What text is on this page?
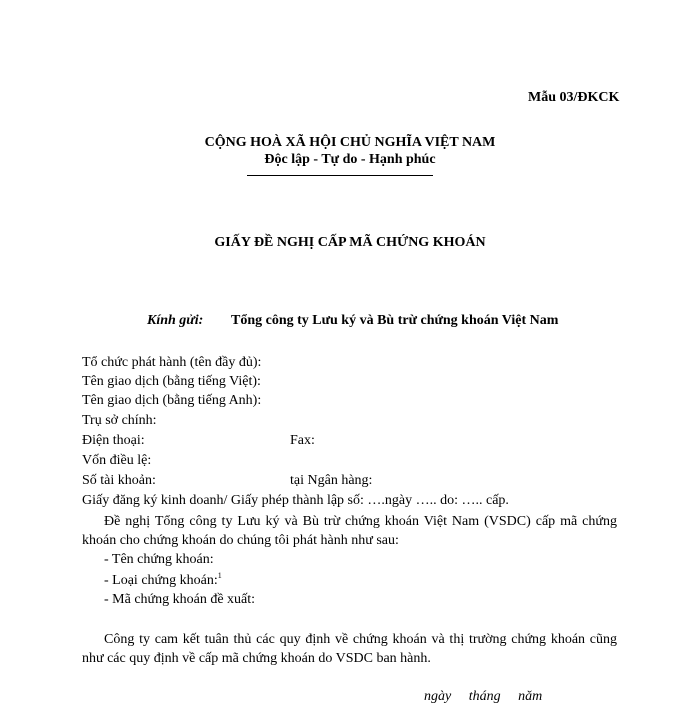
Mẫu 03/ĐKCK
CỘNG HOÀ XÃ HỘI CHỦ NGHĨA VIỆT NAM
Độc lập - Tự do - Hạnh phúc
GIẤY ĐỀ NGHỊ CẤP MÃ CHỨNG KHOÁN
Kính gửi: Tổng công ty Lưu ký và Bù trừ chứng khoán Việt Nam
Tổ chức phát hành (tên đầy đủ):
Tên giao dịch (bằng tiếng Việt):
Tên giao dịch (bằng tiếng Anh):
Trụ sở chính:
Điện thoại:	Fax:
Vốn điều lệ:
Số tài khoản:	tại Ngân hàng:
Giấy đăng ký kinh doanh/ Giấy phép thành lập số: ….ngày ….. do: ….. cấp.

Đề nghị Tổng công ty Lưu ký và Bù trừ chứng khoán Việt Nam (VSDC) cấp mã chứng khoán cho chứng khoán do chúng tôi phát hành như sau:

- Tên chứng khoán:
- Loại chứng khoán:$^1$
- Mã chứng khoán đề xuất:

Công ty cam kết tuân thủ các quy định về chứng khoán và thị trường chứng khoán cũng như các quy định về cấp mã chứng khoán do VSDC ban hành.

ngày     tháng     năm
